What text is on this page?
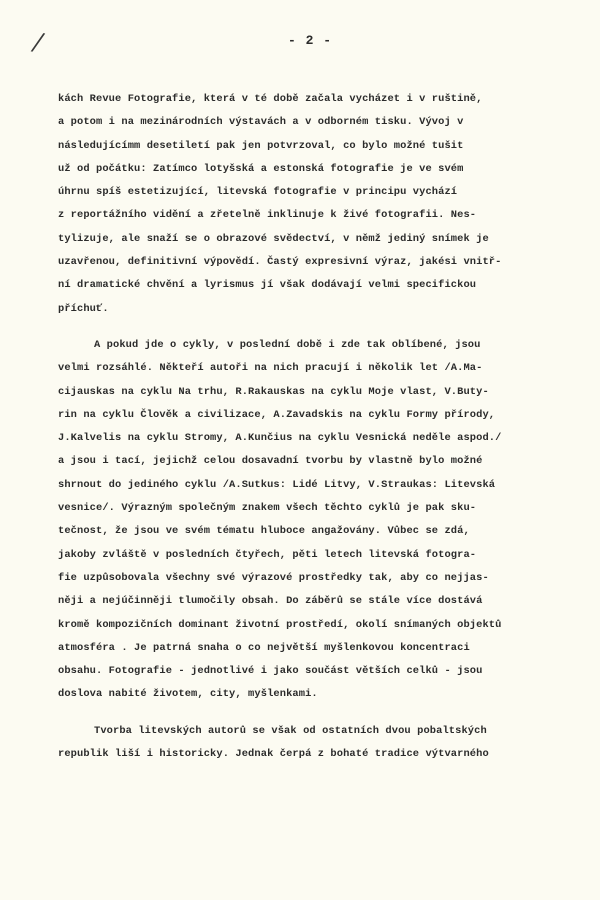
/	- 2 -
kách Revue Fotografie, která v té době začala vycházet i v ruštině,
a potom i na mezinárodních výstavách a v odborném tisku. Vývoj v
následujícímm desetiletí pak jen potvrzoval, co bylo možné tušit
už od počátku: Zatímco lotyšská a estonská fotografie je ve svém
úhrnu spíš estetizující, litevská fotografie v principu vychází
z reportážního vidění a zřetelně inklinuje k živé fotografii. Nes-
tylizuje, ale snaží se o obrazové svědectví, v němž jediný snímek je
uzavřenou, definitivní výpovědí. Častý expresivní výraz, jakési vnitř-
ní dramatické chvění a lyrismus jí však dodávají velmi specifickou
příchuť.
A pokud jde o cykly, v poslední době i zde tak oblíbené, jsou
velmi rozsáhlé. Někteří autoři na nich pracují i několik let /A.Ma-
cijauskas na cyklu Na trhu, R.Rakauskas na cyklu Moje vlast, V.Buty-
rin na cyklu Člověk a civilizace, A.Zavadskis na cyklu Formy přírody,
J.Kalvelis na cyklu Stromy, A.Kunčius na cyklu Vesnická neděle aspod./
a jsou i tací, jejichž celou dosavadní tvorbu by vlastně bylo možné
shrnout do jediného cyklu /A.Sutkus: Lidé Litvy, V.Straukas: Litevská
vesnice/. Výrazným společným znakem všech těchto cyklů je pak sku-
tečnost, že jsou ve svém tématu hluboce angažovány. Vůbec se zdá,
jakoby zvláště v posledních čtyřech, pěti letech litevská fotogra-
fie uzpůsobovala všechny své výrazové prostředky tak, aby co nejjas-
něji a nejúčinněji tlumočily obsah. Do záběrů se stále více dostává
kromě kompozičních dominant životní prostředí, okolí snímaných objektů
atmosféra . Je patrná snaha o co největší myšlenkovou koncentraci
obsahu. Fotografie - jednotlivé i jako součást větších celků - jsou
doslova nabité životem, city, myšlenkami.
Tvorba litevských autorů se však od ostatních dvou pobaltských
republik liší i historicky. Jednak čerpá z bohaté tradice výtvarného
